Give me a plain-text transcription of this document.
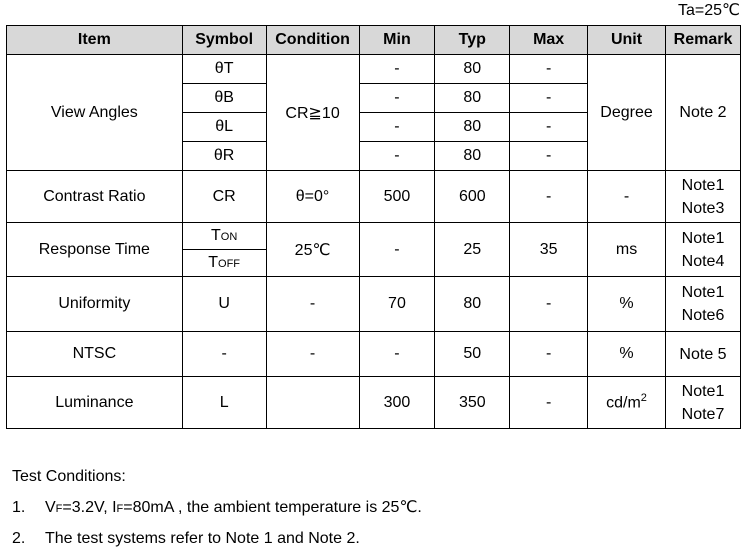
Ta=25℃
Item	Symbol	Condition	Min	Typ	Max	Unit	Remark
View Angles	θT	CR≧10	-	80	-	Degree	Note 2
	θB		-	80	-		
	θL		-	80	-		
	θR		-	80	-		
Contrast Ratio	CR	θ=0°	500	600	-	-	Note1
Note3
Response Time	TON	25℃	-	25	35	ms	Note1
Note4
	TOFF						
Uniformity	U	-	70	80	-	%	Note1
Note6
NTSC	-	-	-	50	-	%	Note 5
Luminance	L		300	350	-	$cd/m^2$	Note1
Note7
Test Conditions:
1. VF=3.2V, IF=80mA , the ambient temperature is 25℃.
2. The test systems refer to Note 1 and Note 2.
